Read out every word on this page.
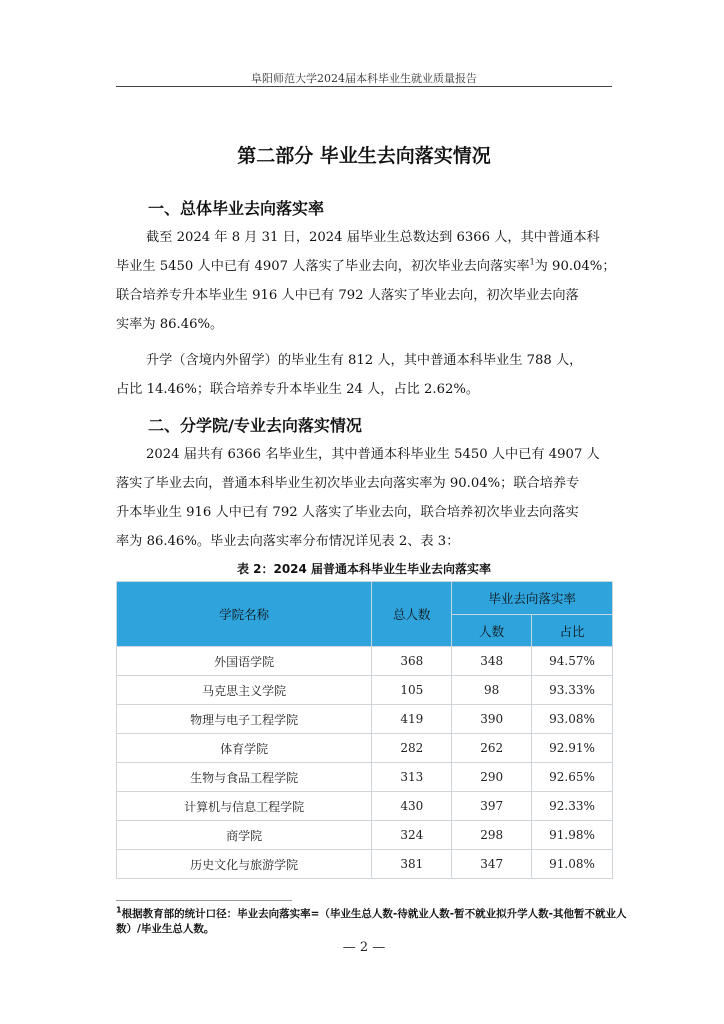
阜阳师范大学2024届本科毕业生就业质量报告
第二部分 毕业生去向落实情况
一、总体毕业去向落实率
截至 2024 年 8 月 31 日，2024 届毕业生总数达到 6366 人，其中普通本科
毕业生 5450 人中已有 4907 人落实了毕业去向，初次毕业去向落实率$^1$为 90.04%；
联合培养专升本毕业生 916 人中已有 792 人落实了毕业去向，初次毕业去向落
实率为 86.46%。
升学（含境内外留学）的毕业生有 812 人，其中普通本科毕业生 788 人，
占比 14.46%；联合培养专升本毕业生 24 人，占比 2.62%。
二、分学院/专业去向落实情况
2024 届共有 6366 名毕业生，其中普通本科毕业生 5450 人中已有 4907 人
落实了毕业去向，普通本科毕业生初次毕业去向落实率为 90.04%；联合培养专
升本毕业生 916 人中已有 792 人落实了毕业去向，联合培养初次毕业去向落实
率为 86.46%。毕业去向落实率分布情况详见表 2、表 3：
表 2：2024 届普通本科毕业生毕业去向落实率
学院名称	总人数	毕业去向落实率	
		人数	占比
外国语学院	368	348	94.57%
马克思主义学院	105	98	93.33%
物理与电子工程学院	419	390	93.08%
体育学院	282	262	92.91%
生物与食品工程学院	313	290	92.65%
计算机与信息工程学院	430	397	92.33%
商学院	324	298	91.98%
历史文化与旅游学院	381	347	91.08%
$^1$根据教育部的统计口径：毕业去向落实率=（毕业生总人数-待就业人数-暂不就业拟升学人数-其他暂不就业人
数）/毕业生总人数。
— 2 —
